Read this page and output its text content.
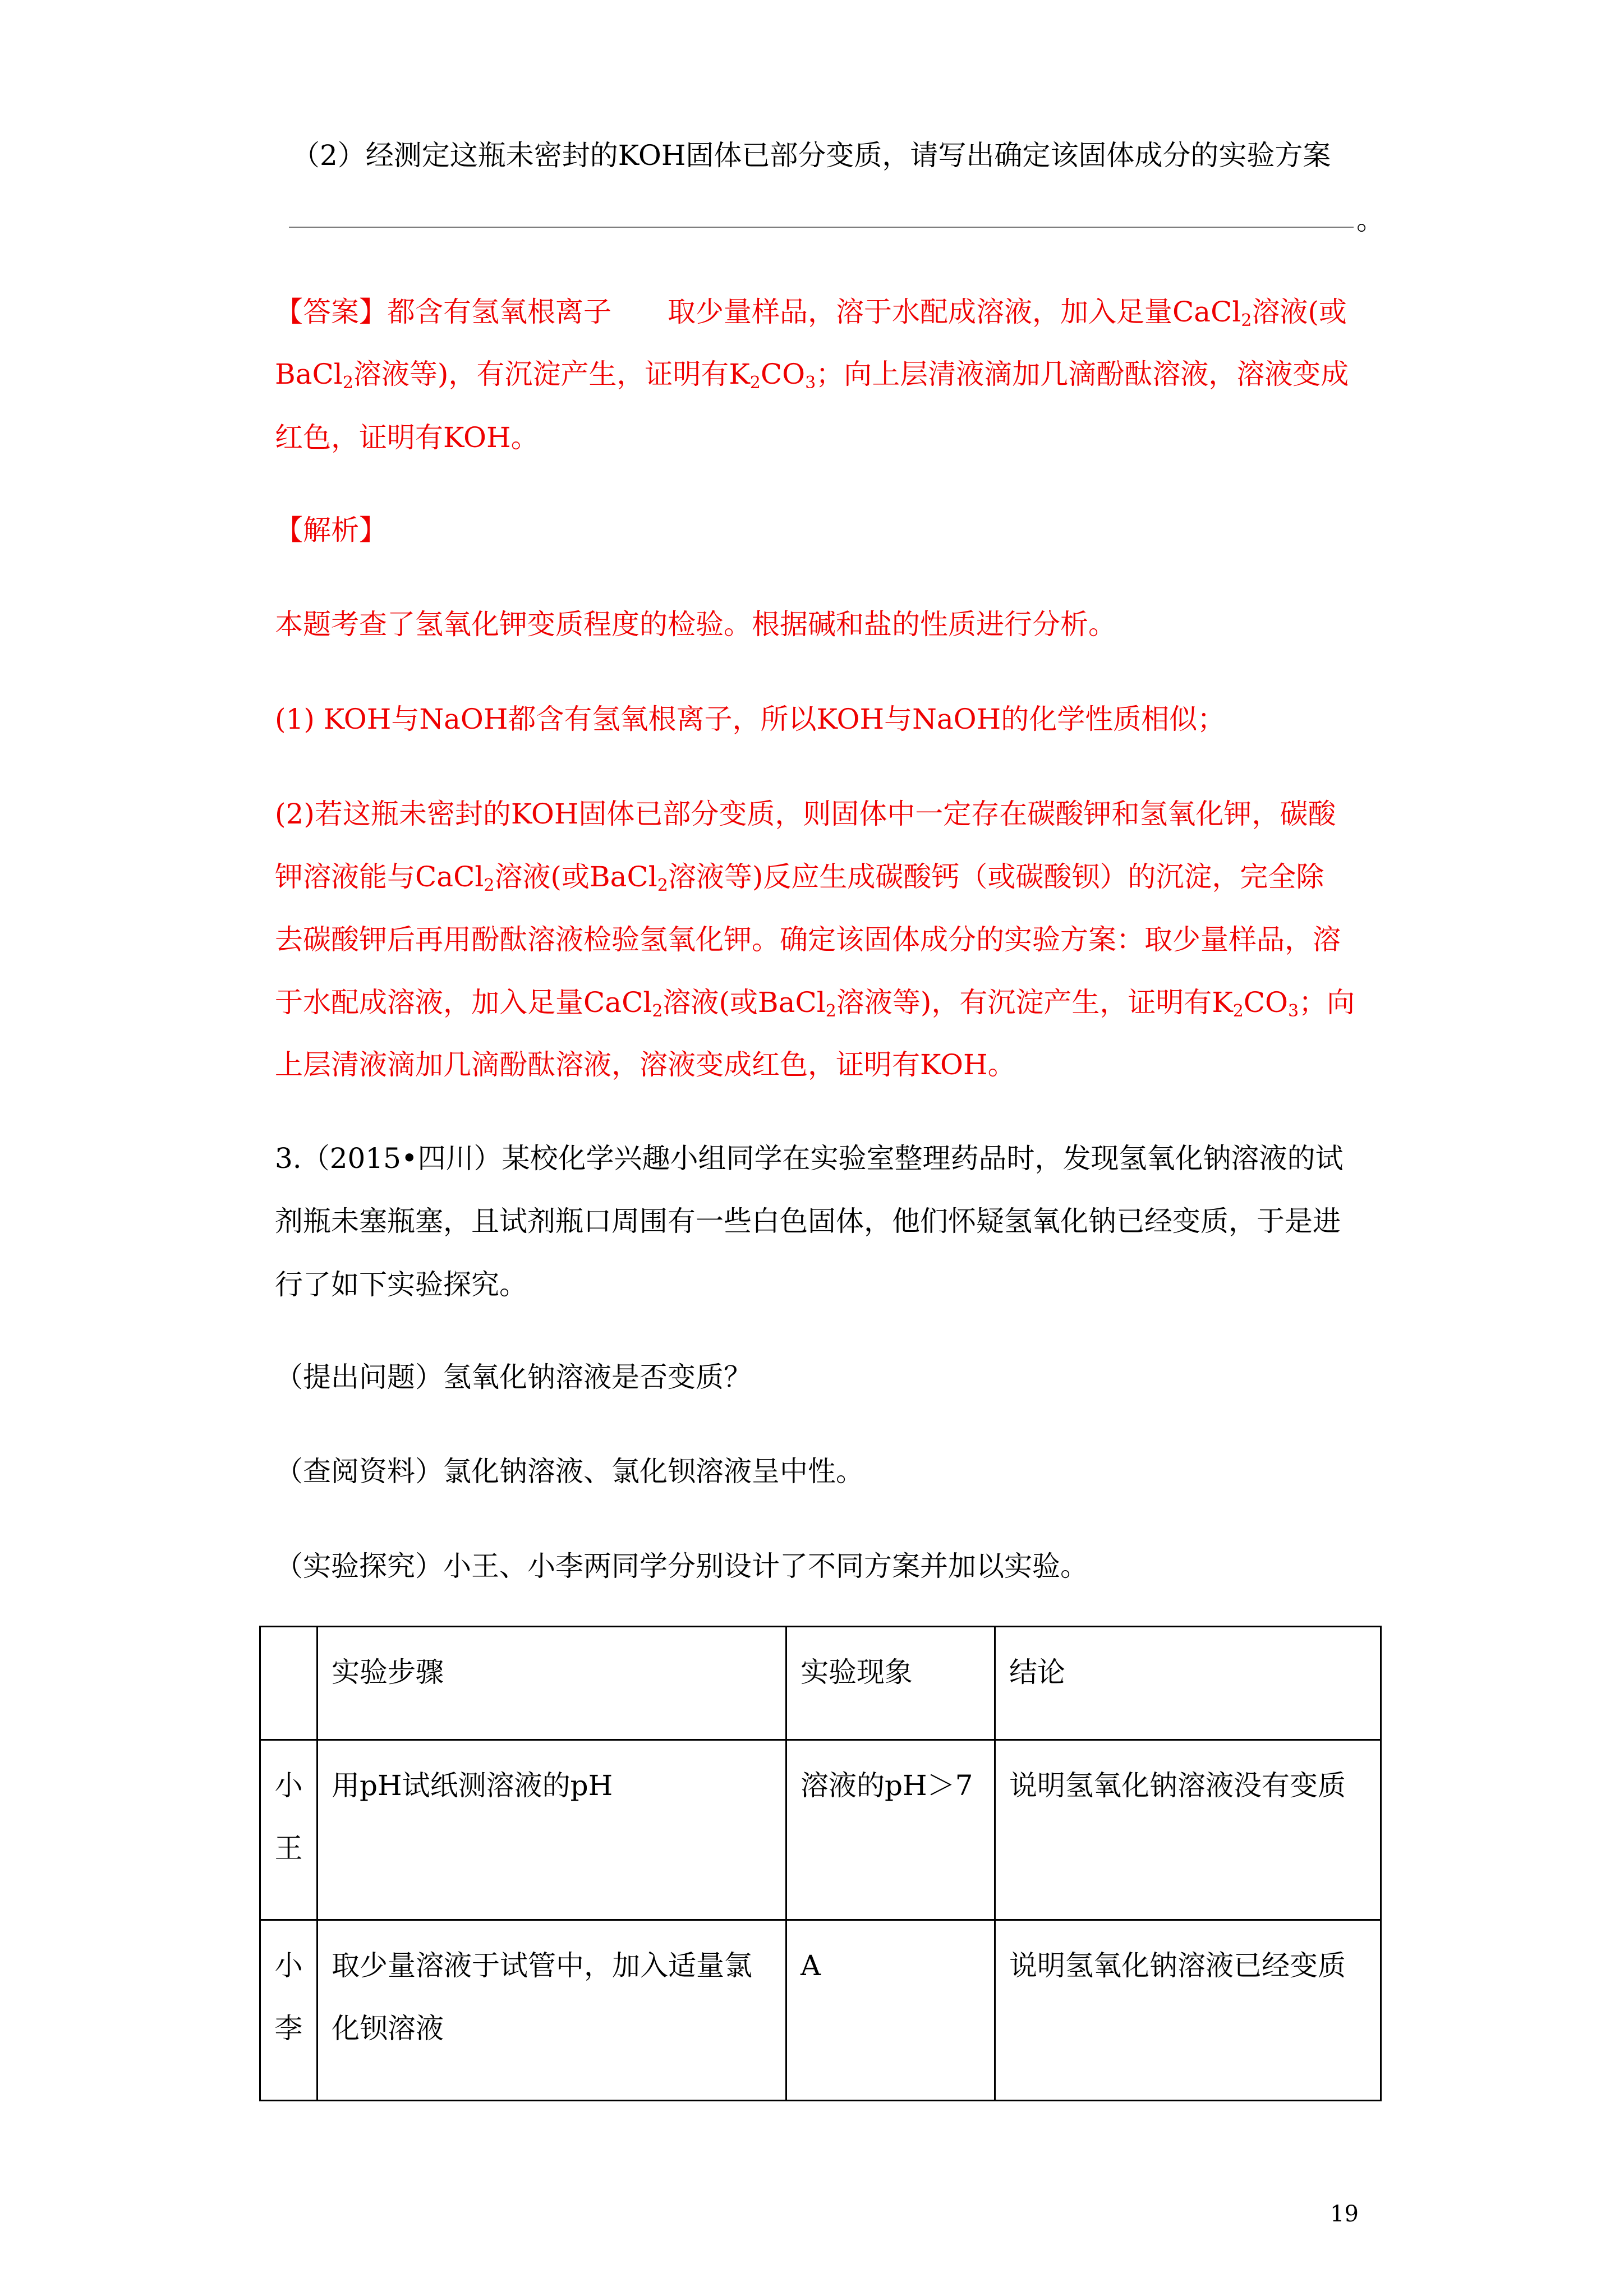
（2）经测定这瓶未密封的KOH固体已部分变质，请写出确定该固体成分的实验方案
。
【答案】都含有氢氧根离子 取少量样品，溶于水配成溶液，加入足量CaCl$_2$溶液(或
BaCl$_2$溶液等)，有沉淀产生，证明有$K_2CO_3$；向上层清液滴加几滴酚酞溶液，溶液变成
红色，证明有KOH。
【解析】
本题考查了氢氧化钾变质程度的检验。根据碱和盐的性质进行分析。
(1) KOH与NaOH都含有氢氧根离子，所以KOH与NaOH的化学性质相似；
(2)若这瓶未密封的KOH固体已部分变质，则固体中一定存在碳酸钾和氢氧化钾，碳酸
钾溶液能与CaCl$_2$溶液(或BaCl$_2$溶液等)反应生成碳酸钙（或碳酸钡）的沉淀，完全除
去碳酸钾后再用酚酞溶液检验氢氧化钾。确定该固体成分的实验方案：取少量样品，溶
于水配成溶液，加入足量CaCl$_2$溶液(或BaCl$_2$溶液等)，有沉淀产生，证明有$K_2CO_3$；向
上层清液滴加几滴酚酞溶液，溶液变成红色，证明有KOH。
3.（2015•四川）某校化学兴趣小组同学在实验室整理药品时，发现氢氧化钠溶液的试
剂瓶未塞瓶塞，且试剂瓶口周围有一些白色固体，他们怀疑氢氧化钠已经变质，于是进
行了如下实验探究。
（提出问题）氢氧化钠溶液是否变质？
（查阅资料）氯化钠溶液、氯化钡溶液呈中性。
（实验探究）小王、小李两同学分别设计了不同方案并加以实验。
	实验步骤	实验现象	结论

小
王	用pH试纸测溶液的pH	溶液的pH＞7	说明氢氧化钠溶液没有变质

小
李	取少量溶液于试管中，加入适量氯化钡溶液	A	说明氢氧化钠溶液已经变质
19
